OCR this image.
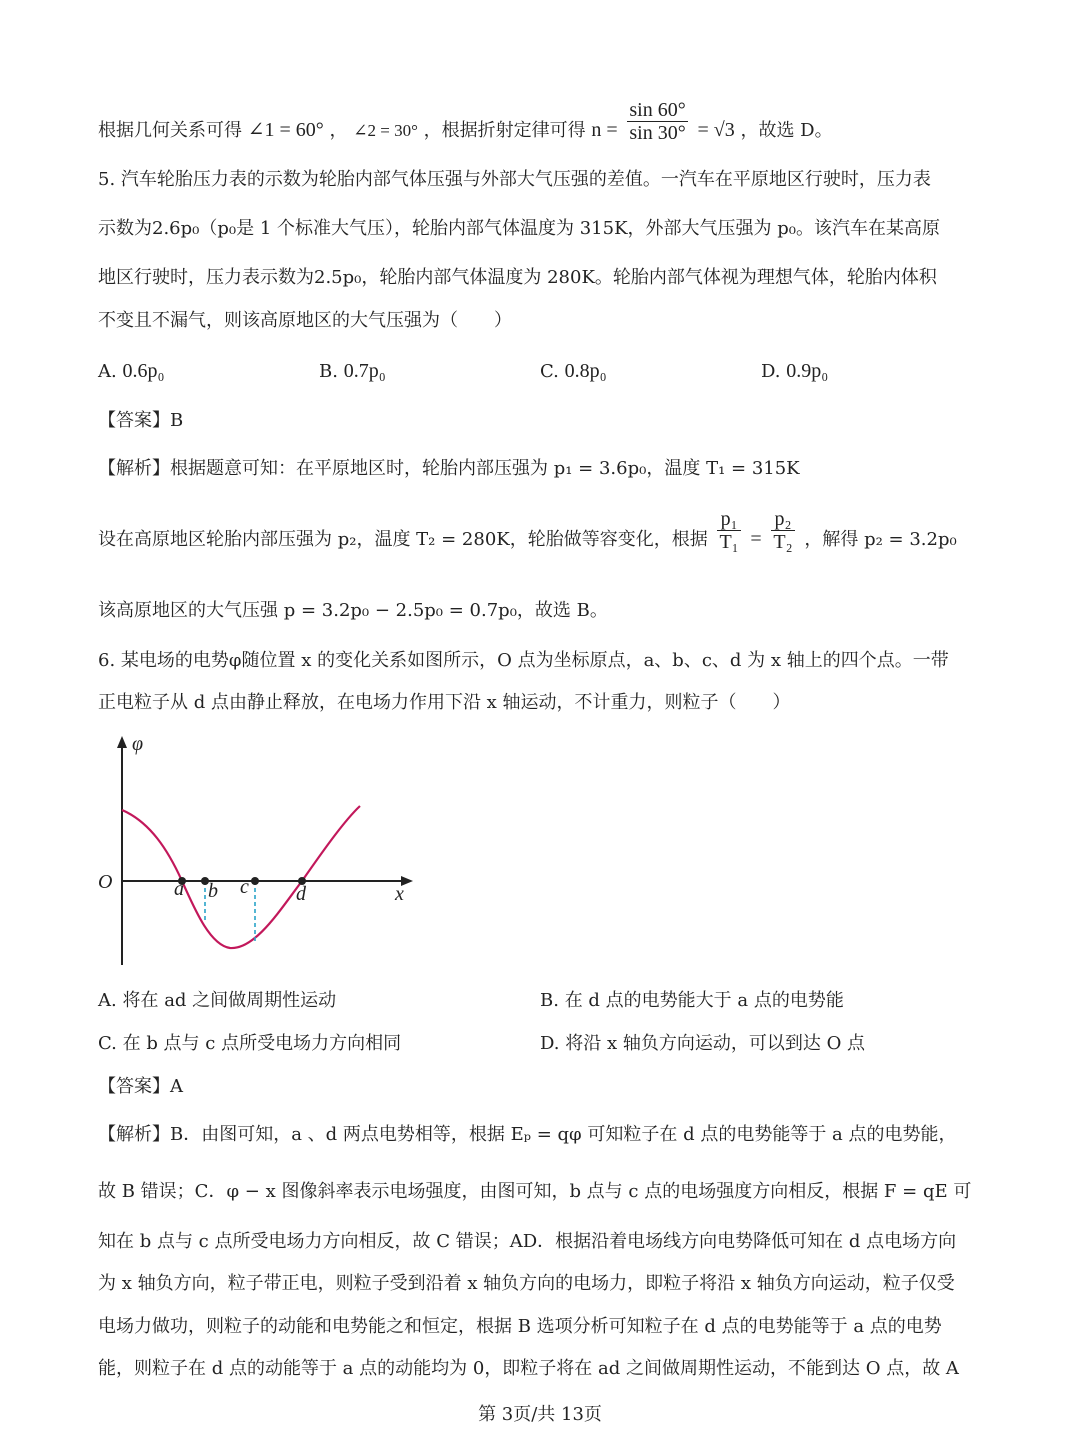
根据几何关系可得 ∠1 = 60° ， ∠2 = 30° ，根据折射定律可得 $n = \frac{\sin 60^\circ}{\sin 30^\circ} = √3$ ，故选 D。
5. 汽车轮胎压力表的示数为轮胎内部气体压强与外部大气压强的差值。一汽车在平原地区行驶时，压力表
示数为2.6p₀（p₀是 1 个标准大气压），轮胎内部气体温度为 315K，外部大气压强为 p₀。该汽车在某高原
地区行驶时，压力表示数为2.5p₀，轮胎内部气体温度为 280K。轮胎内部气体视为理想气体，轮胎内体积
不变且不漏气，则该高原地区的大气压强为（　　）
A. 0.6p₀	B. 0.7p₀	C. 0.8p₀	D. 0.9p₀
【答案】B
【解析】根据题意可知：在平原地区时，轮胎内部压强为 p₁ = 3.6p₀，温度 T₁ = 315K
设在高原地区轮胎内部压强为 p₂，温度 T₂ = 280K，轮胎做等容变化，根据 $\frac{\text{p₁}}{\text{T₁}} = \frac{\text{p₂}}{\text{T₂}}$ ，解得 p₂ = 3.2p₀
该高原地区的大气压强 p = 3.2p₀ − 2.5p₀ = 0.7p₀，故选 B。
6. 某电场的电势φ随位置 x 的变化关系如图所示，O 点为坐标原点，a、b、c、d 为 x 轴上的四个点。一带
正电粒子从 d 点由静止释放，在电场力作用下沿 x 轴运动，不计重力，则粒子（　　）
φ
x
O	a b c d
A. 将在 ad 之间做周期性运动	B. 在 d 点的电势能大于 a 点的电势能
C. 在 b 点与 c 点所受电场力方向相同	D. 将沿 x 轴负方向运动，可以到达 O 点
【答案】A
【解析】B．由图可知，a 、d 两点电势相等，根据 Eₚ = qφ 可知粒子在 d 点的电势能等于 a 点的电势能，
故 B 错误；C．φ − x 图像斜率表示电场强度，由图可知，b 点与 c 点的电场强度方向相反，根据 F = qE 可
知在 b 点与 c 点所受电场力方向相反，故 C 错误；AD．根据沿着电场线方向电势降低可知在 d 点电场方向
为 x 轴负方向，粒子带正电，则粒子受到沿着 x 轴负方向的电场力，即粒子将沿 x 轴负方向运动，粒子仅受
电场力做功，则粒子的动能和电势能之和恒定，根据 B 选项分析可知粒子在 d 点的电势能等于 a 点的电势
能，则粒子在 d 点的动能等于 a 点的动能均为 0，即粒子将在 ad 之间做周期性运动，不能到达 O 点，故 A
第 3页/共 13页
